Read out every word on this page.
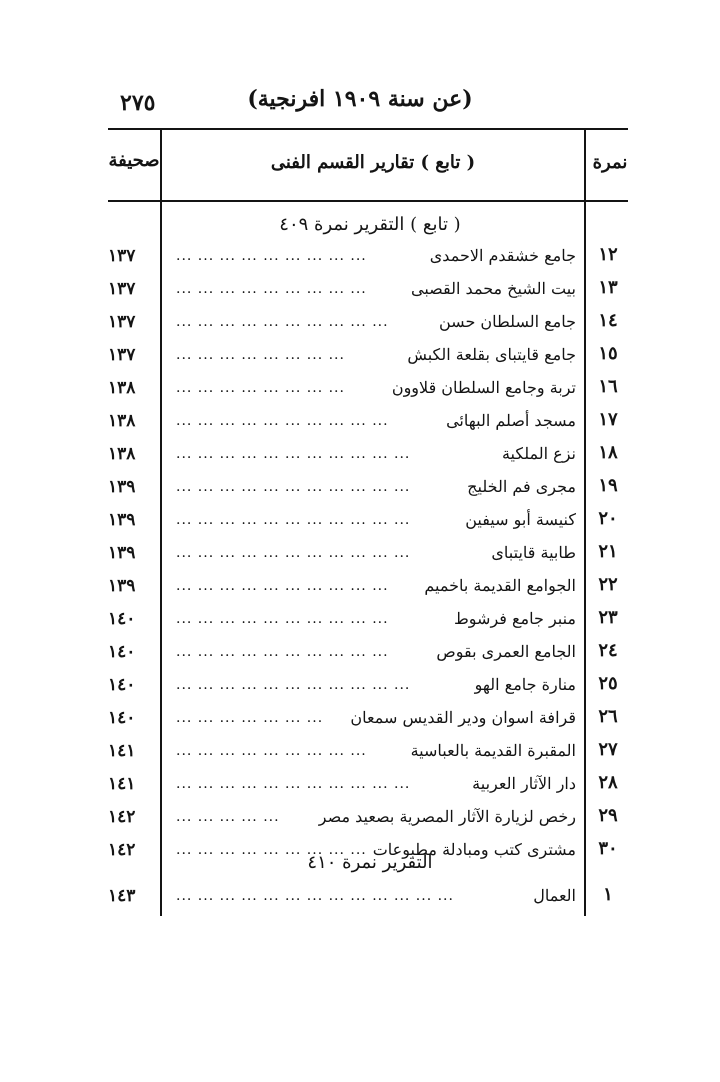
(عن سنة ١٩٠٩ افرنجية)
٢٧٥
نمرة
( تابع ) تقارير القسم الفنى
صحيفة
( تابع ) التقرير نمرة ٤٠٩
١٢
جامع خشقدم الاحمدى
... ... ... ... ... ... ... ... ...
١٣٧
١٣
بيت الشيخ محمد القصبى
... ... ... ... ... ... ... ... ...
١٣٧
١٤
جامع السلطان حسن
... ... ... ... ... ... ... ... ... ...
١٣٧
١٥
جامع قايتباى بقلعة الكبش
... ... ... ... ... ... ... ...
١٣٧
١٦
تربة وجامع السلطان قلاوون
... ... ... ... ... ... ... ...
١٣٨
١٧
مسجد أصلم البهائى
... ... ... ... ... ... ... ... ... ...
١٣٨
١٨
نزع الملكية
... ... ... ... ... ... ... ... ... ... ...
١٣٨
١٩
مجرى فم الخليج
... ... ... ... ... ... ... ... ... ... ...
١٣٩
٢٠
كنيسة أبو سيفين
... ... ... ... ... ... ... ... ... ... ...
١٣٩
٢١
طابية قايتباى
... ... ... ... ... ... ... ... ... ... ...
١٣٩
٢٢
الجوامع القديمة باخميم
... ... ... ... ... ... ... ... ... ...
١٣٩
٢٣
منبر جامع فرشوط
... ... ... ... ... ... ... ... ... ...
١٤٠
٢٤
الجامع العمرى بقوص
... ... ... ... ... ... ... ... ... ...
١٤٠
٢٥
منارة جامع الهو
... ... ... ... ... ... ... ... ... ... ...
١٤٠
٢٦
قرافة اسوان ودير القديس سمعان
... ... ... ... ... ... ...
١٤٠
٢٧
المقبرة القديمة بالعباسية
... ... ... ... ... ... ... ... ...
١٤١
٢٨
دار الآثار العربية
... ... ... ... ... ... ... ... ... ... ...
١٤١
٢٩
رخص لزيارة الآثار المصرية بصعيد مصر
... ... ... ... ...
١٤٢
٣٠
مشترى كتب ومبادلة مطبوعات
... ... ... ... ... ... ... ... ...
١٤٢
التقرير نمرة ٤١٠
١
العمال
... ... ... ... ... ... ... ... ... ... ... ... ...
١٤٣
